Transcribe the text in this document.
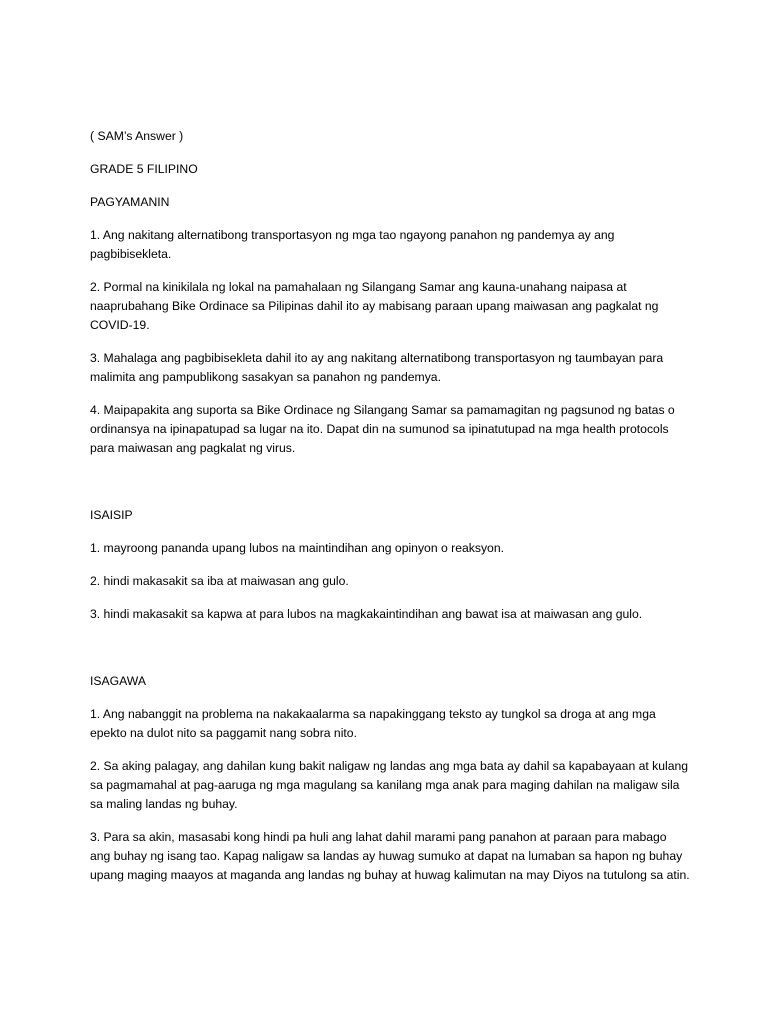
( SAM’s Answer )

GRADE 5 FILIPINO

PAGYAMANIN

1. Ang nakitang alternatibong transportasyon ng mga tao ngayong panahon ng pandemya ay ang pagbibisekleta.

2. Pormal na kinikilala ng lokal na pamahalaan ng Silangang Samar ang kauna-unahang naipasa at naaprubahang Bike Ordinace sa Pilipinas dahil ito ay mabisang paraan upang maiwasan ang pagkalat ng COVID-19.

3. Mahalaga ang pagbibisekleta dahil ito ay ang nakitang alternatibong transportasyon ng taumbayan para malimita ang pampublikong sasakyan sa panahon ng pandemya.

4. Maipapakita ang suporta sa Bike Ordinace ng Silangang Samar sa pamamagitan ng pagsunod ng batas o ordinansya na ipinapatupad sa lugar na ito. Dapat din na sumunod sa ipinatutupad na mga health protocols para maiwasan ang pagkalat ng virus.

ISAISIP

1. mayroong pananda upang lubos na maintindihan ang opinyon o reaksyon.

2. hindi makasakit sa iba at maiwasan ang gulo.

3. hindi makasakit sa kapwa at para lubos na magkakaintindihan ang bawat isa at maiwasan ang gulo.

ISAGAWA

1. Ang nabanggit na problema na nakakaalarma sa napakinggang teksto ay tungkol sa droga at ang mga epekto na dulot nito sa paggamit nang sobra nito.

2. Sa aking palagay, ang dahilan kung bakit naligaw ng landas ang mga bata ay dahil sa kapabayaan at kulang sa pagmamahal at pag-aaruga ng mga magulang sa kanilang mga anak para maging dahilan na maligaw sila sa maling landas ng buhay.

3. Para sa akin, masasabi kong hindi pa huli ang lahat dahil marami pang panahon at paraan para mabago ang buhay ng isang tao. Kapag naligaw sa landas ay huwag sumuko at dapat na lumaban sa hapon ng buhay upang maging maayos at maganda ang landas ng buhay at huwag kalimutan na may Diyos na tutulong sa atin.
